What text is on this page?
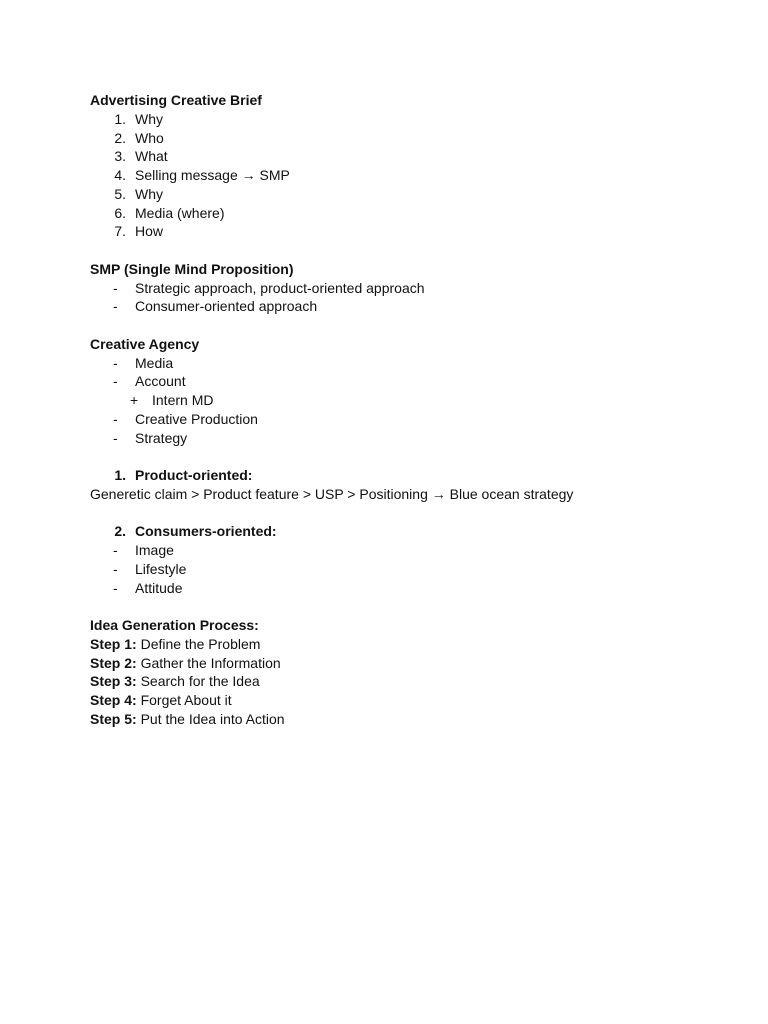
Advertising Creative Brief
1. Why
2. Who
3. What
4. Selling message → SMP
5. Why
6. Media (where)
7. How
SMP (Single Mind Proposition)
- Strategic approach, product-oriented approach
- Consumer-oriented approach
Creative Agency
- Media
- Account
+ Intern MD
- Creative Production
- Strategy
1. Product-oriented:
Generetic claim > Product feature > USP > Positioning → Blue ocean strategy
2. Consumers-oriented:
- Image
- Lifestyle
- Attitude
Idea Generation Process:
Step 1: Define the Problem
Step 2: Gather the Information
Step 3: Search for the Idea
Step 4: Forget About it
Step 5: Put the Idea into Action
